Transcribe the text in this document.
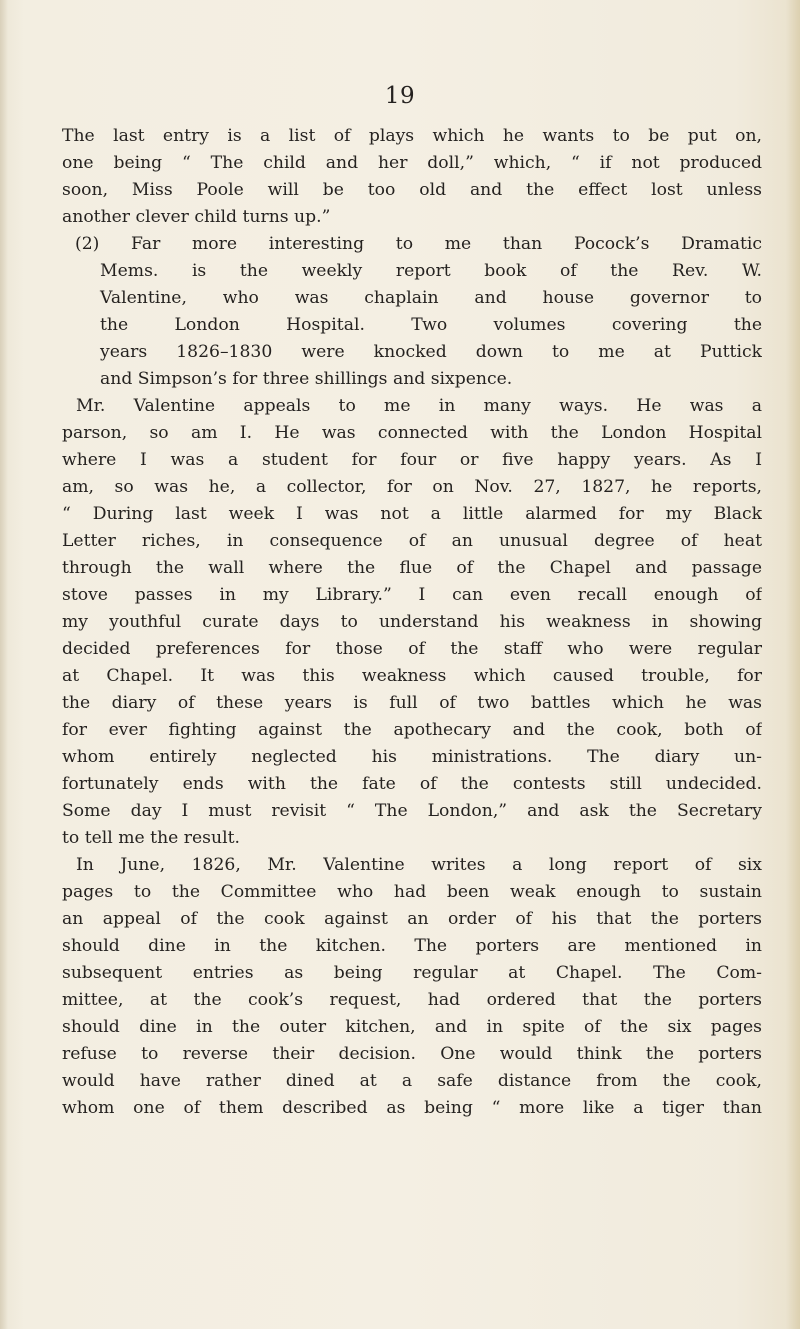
19
The last entry is a list of plays which he wants to be put on,
one being “ The child and her doll,” which, “ if not produced
soon, Miss Poole will be too old and the effect lost unless
another clever child turns up.”
(2) Far more interesting to me than Pocock’s Dramatic
Mems. is the weekly report book of the Rev. W.
Valentine, who was chaplain and house governor to
the London Hospital. Two volumes covering the
years 1826–1830 were knocked down to me at Puttick
and Simpson’s for three shillings and sixpence.
Mr. Valentine appeals to me in many ways. He was a
parson, so am I. He was connected with the London Hospital
where I was a student for four or five happy years. As I
am, so was he, a collector, for on Nov. 27, 1827, he reports,
“ During last week I was not a little alarmed for my Black
Letter riches, in consequence of an unusual degree of heat
through the wall where the flue of the Chapel and passage
stove passes in my Library.” I can even recall enough of
my youthful curate days to understand his weakness in showing
decided preferences for those of the staff who were regular
at Chapel. It was this weakness which caused trouble, for
the diary of these years is full of two battles which he was
for ever fighting against the apothecary and the cook, both of
whom entirely neglected his ministrations. The diary un-
fortunately ends with the fate of the contests still undecided.
Some day I must revisit “ The London,” and ask the Secretary
to tell me the result.
In June, 1826, Mr. Valentine writes a long report of six
pages to the Committee who had been weak enough to sustain
an appeal of the cook against an order of his that the porters
should dine in the kitchen. The porters are mentioned in
subsequent entries as being regular at Chapel. The Com-
mittee, at the cook’s request, had ordered that the porters
should dine in the outer kitchen, and in spite of the six pages
refuse to reverse their decision. One would think the porters
would have rather dined at a safe distance from the cook,
whom one of them described as being “ more like a tiger than
